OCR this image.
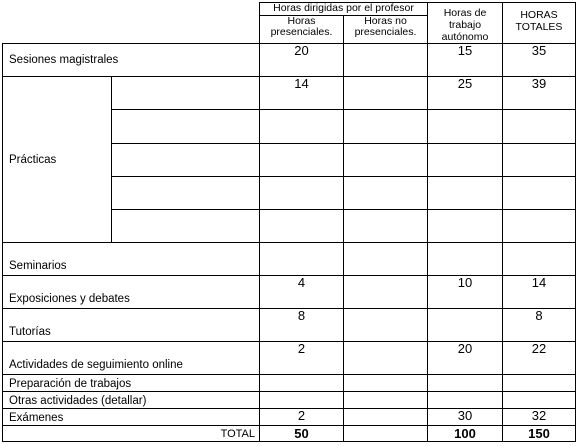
		Horas dirigidas por el profesor		Horas de trabajo autónomo	HORAS TOTALES
		Horas presenciales.	Horas no presenciales.		
Sesiones magistrales		20		15	35
Prácticas		14		25	39

Seminarios					
Exposiciones y debates		4		10	14
Tutorías		8			8
Actividades de seguimiento online		2		20	22
Preparación de trabajos					
Otras actividades (detallar)					
Exámenes		2		30	32
TOTAL		50		100	150
